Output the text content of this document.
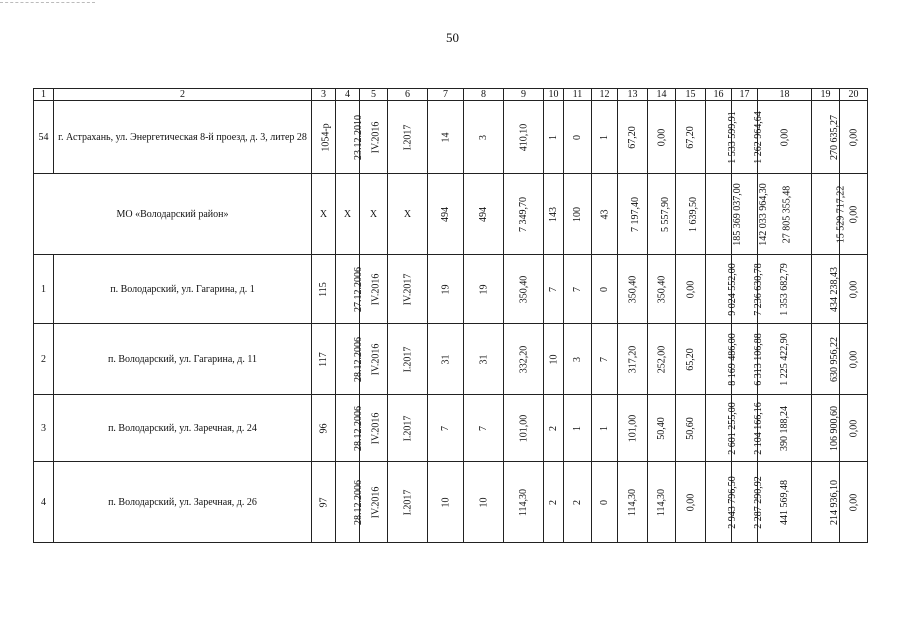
50
1	2	3	4	5	6	7	8	9	10	11	12	13	14	15	16	17	18	19	20
54	г. Астрахань, ул. Энергетическая 8-й проезд, д. 3, литер 28	1054-р	23.12.2010	IV.2016	I.2017	14	3	410,10	1	0	1	67,20	0,00	67,20	1 533 599,91	1 262 964,64	0,00	270 635,27	0,00
МО «Володарский район»		Х	Х	Х	Х	494	494	7 349,70	143	100	43	7 197,40	5 557,90	1 639,50	185 369 037,00	142 033 964,30	27 805 355,48	15 529 717,22	0,00
1	п. Володарский, ул. Гагарина, д. 1	115	27.12.2006	IV.2016	IV.2017	19	19	350,40	7	7	0	350,40	350,40	0,00	9 024 552,00	7 236 630,78	1 353 682,79	434 238,43	0,00
2	п. Володарский, ул. Гагарина, д. 11	117	28.12.2006	IV.2016	I.2017	31	31	332,20	10	3	7	317,20	252,00	65,20	8 169 486,00	6 313 106,88	1 225 422,90	630 956,22	0,00
3	п. Володарский, ул. Заречная, д. 24	96	28.12.2006	IV.2016	I.2017	7	7	101,00	2	1	1	101,00	50,40	50,60	2 601 255,00	2 104 166,16	390 188,24	106 900,60	0,00
4	п. Володарский, ул. Заречная, д. 26	97	28.12.2006	IV.2016	I.2017	10	10	114,30	2	2	0	114,30	114,30	0,00	2 943 796,50	2 287 290,92	441 569,48	214 936,10	0,00
